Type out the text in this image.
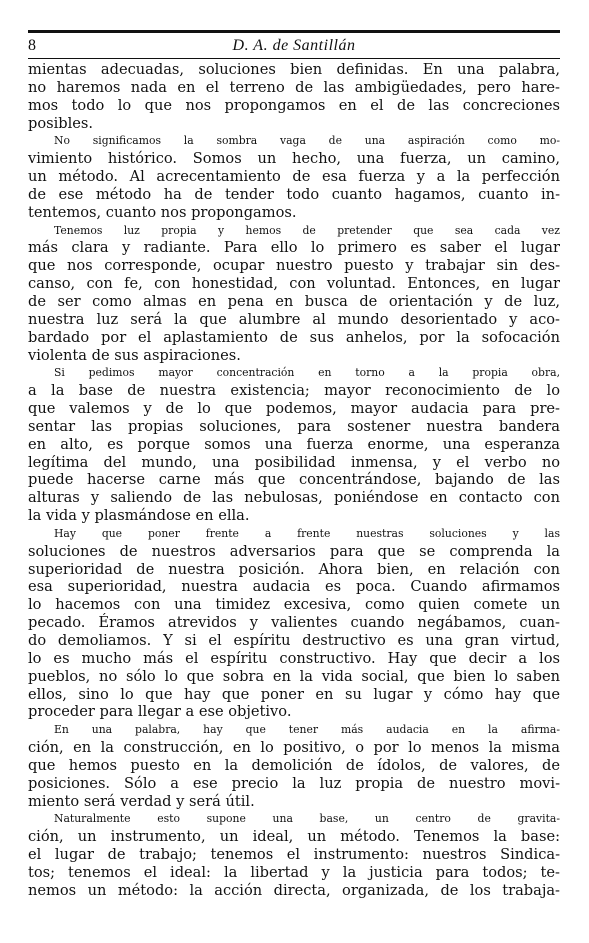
8	D. A. de Santillán
mientas adecuadas, soluciones bien definidas. En una palabra,
no haremos nada en el terreno de las ambigüedades, pero hare-
mos todo lo que nos propongamos en el de las concreciones
posibles.
No significamos la sombra vaga de una aspiración como mo-
vimiento histórico. Somos un hecho, una fuerza, un camino,
un método. Al acrecentamiento de esa fuerza y a la perfección
de ese método ha de tender todo cuanto hagamos, cuanto in-
tentemos, cuanto nos propongamos.
Tenemos luz propia y hemos de pretender que sea cada vez
más clara y radiante. Para ello lo primero es saber el lugar
que nos corresponde, ocupar nuestro puesto y trabajar sin des-
canso, con fe, con honestidad, con voluntad. Entonces, en lugar
de ser como almas en pena en busca de orientación y de luz,
nuestra luz será la que alumbre al mundo desorientado y aco-
bardado por el aplastamiento de sus anhelos, por la sofocación
violenta de sus aspiraciones.
Si pedimos mayor concentración en torno a la propia obra,
a la base de nuestra existencia; mayor reconocimiento de lo
que valemos y de lo que podemos, mayor audacia para pre-
sentar las propias soluciones, para sostener nuestra bandera
en alto, es porque somos una fuerza enorme, una esperanza
legítima del mundo, una posibilidad inmensa, y el verbo no
puede hacerse carne más que concentrándose, bajando de las
alturas y saliendo de las nebulosas, poniéndose en contacto con
la vida y plasmándose en ella.
Hay que poner frente a frente nuestras soluciones y las
soluciones de nuestros adversarios para que se comprenda la
superioridad de nuestra posición. Ahora bien, en relación con
esa superioridad, nuestra audacia es poca. Cuando afirmamos
lo hacemos con una timidez excesiva, como quien comete un
pecado. Éramos atrevidos y valientes cuando negábamos, cuan-
do demoliamos. Y si el espíritu destructivo es una gran virtud,
lo es mucho más el espíritu constructivo. Hay que decir a los
pueblos, no sólo lo que sobra en la vida social, que bien lo saben
ellos, sino lo que hay que poner en su lugar y cómo hay que
proceder para llegar a ese objetivo.
En una palabra, hay que tener más audacia en la afirma-
ción, en la construcción, en lo positivo, o por lo menos la misma
que hemos puesto en la demolición de ídolos, de valores, de
posiciones. Sólo a ese precio la luz propia de nuestro movi-
miento será verdad y será útil.
Naturalmente esto supone una base, un centro de gravita-
ción, un instrumento, un ideal, un método. Tenemos la base:
el lugar de trabajo; tenemos el instrumento: nuestros Sindica-
tos; tenemos el ideal: la libertad y la justicia para todos; te-
nemos un método: la acción directa, organizada, de los trabaja-
